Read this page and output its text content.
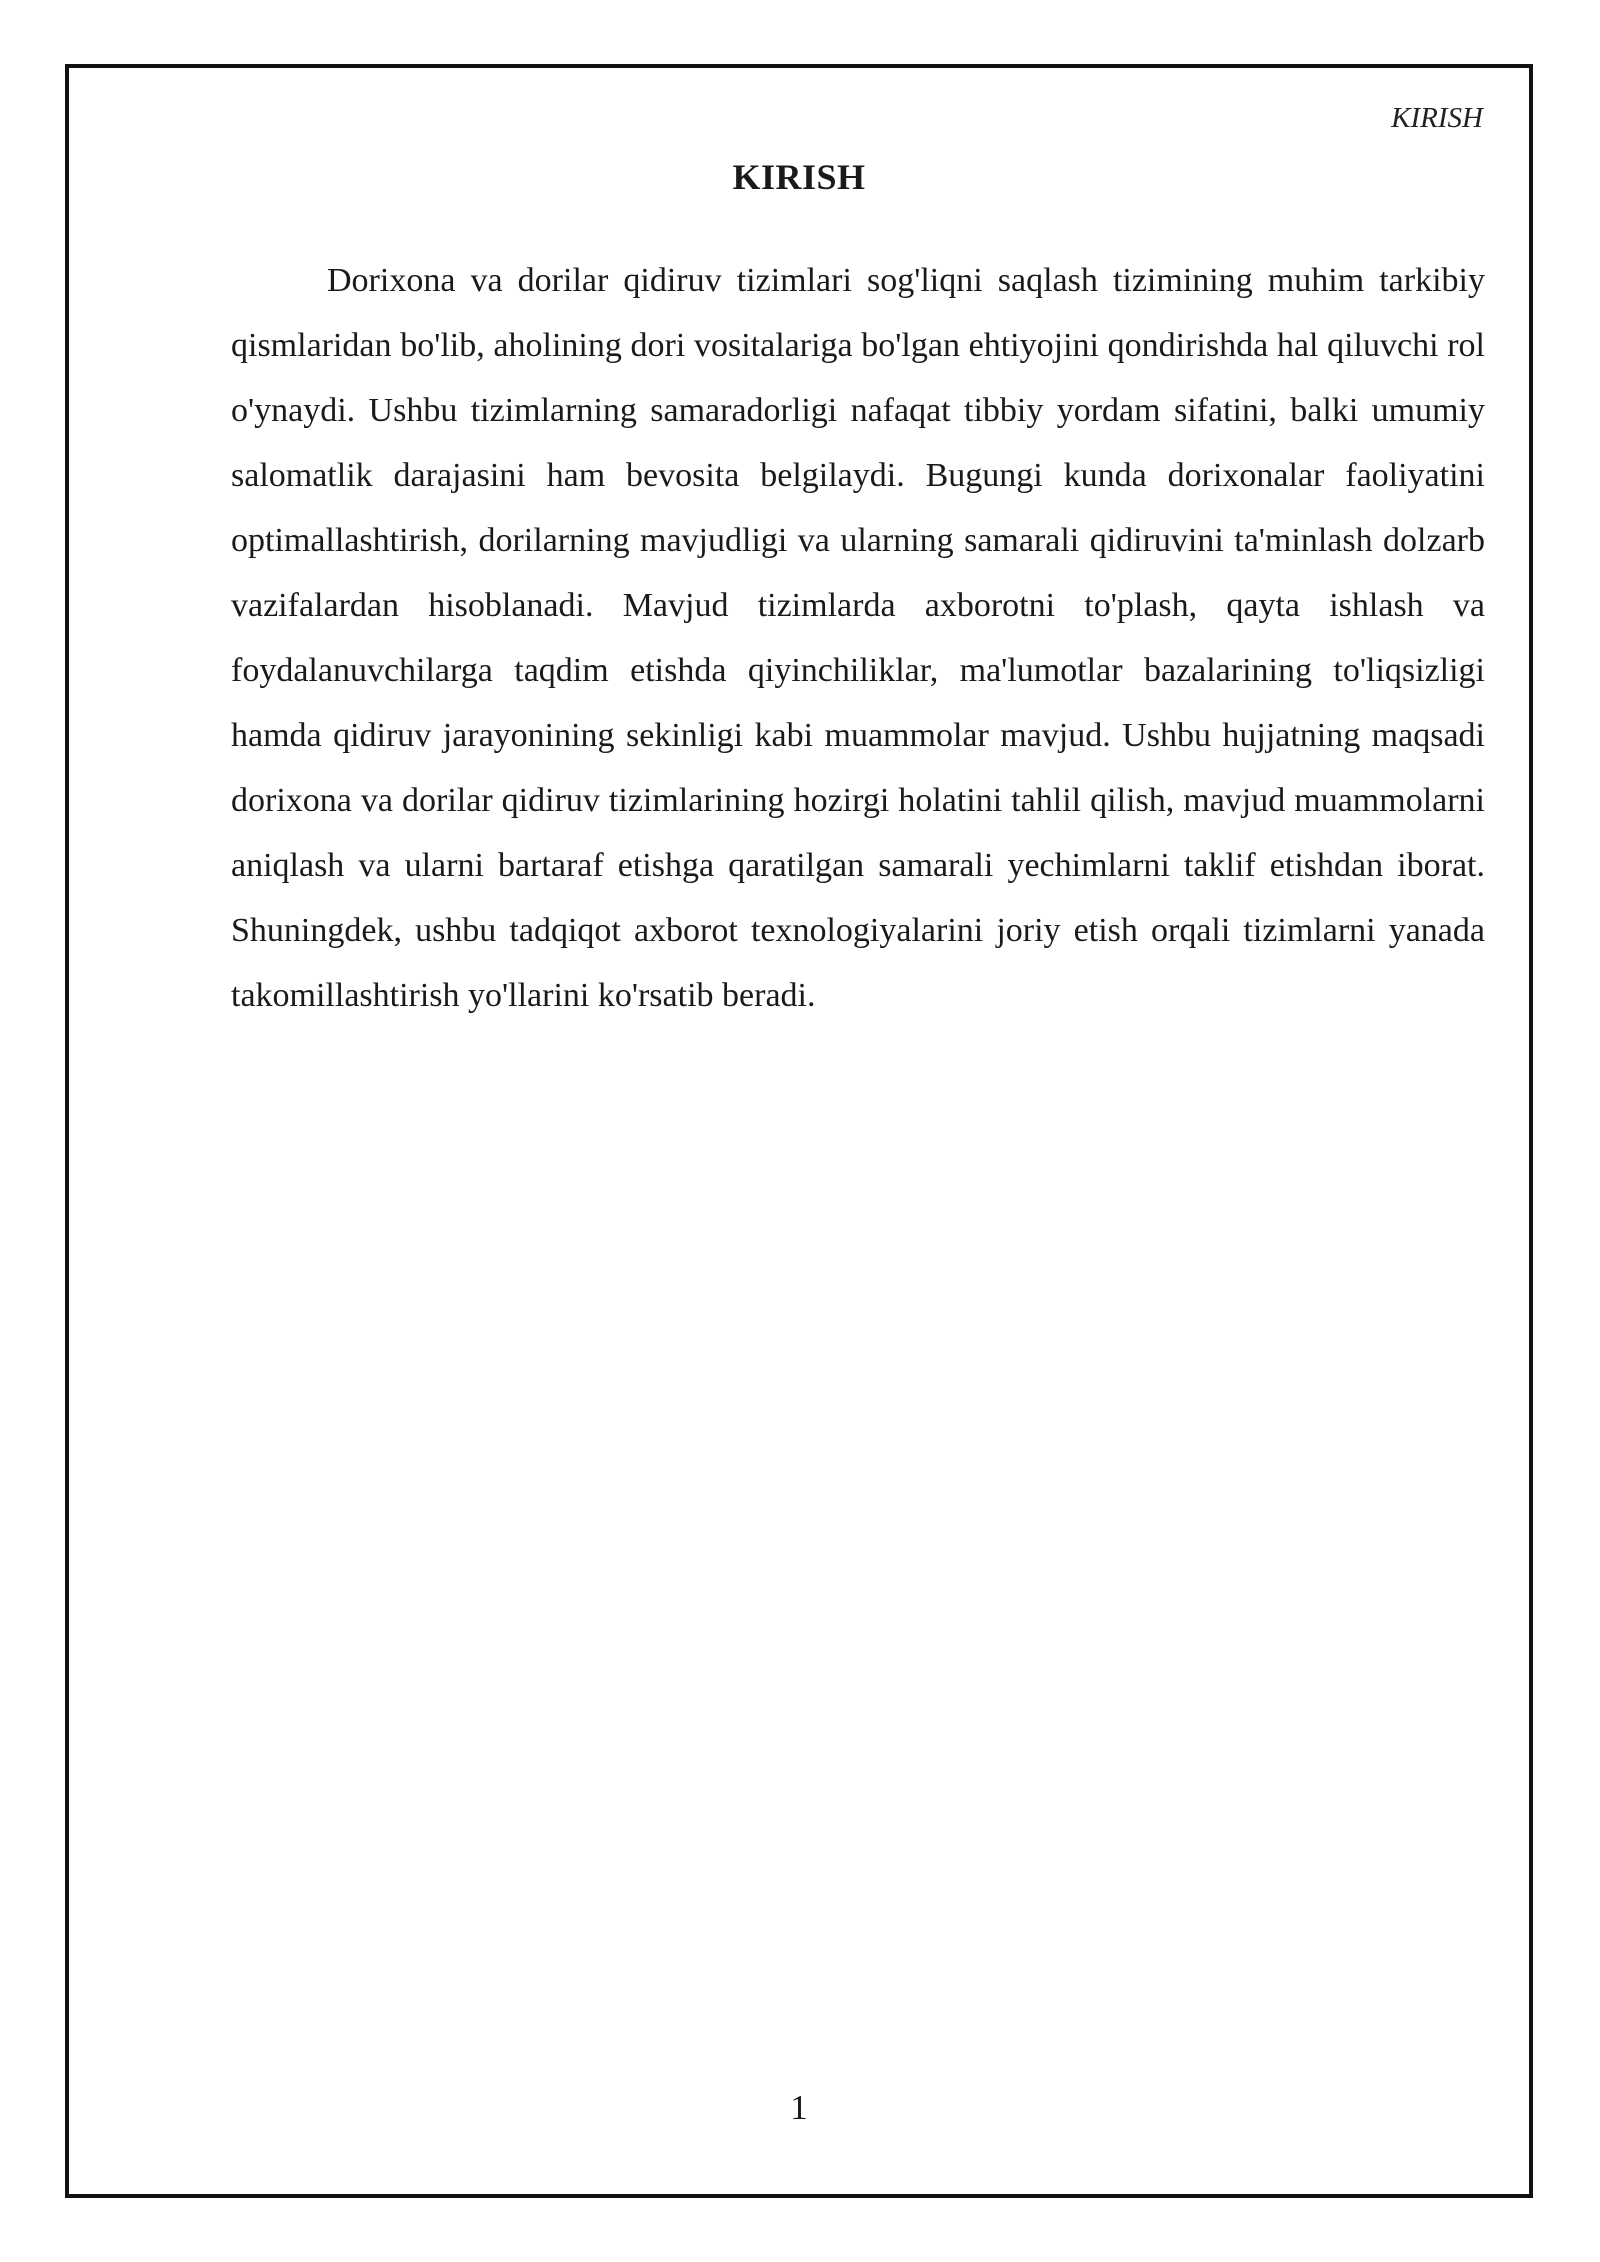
KIRISH
KIRISH

Dorixona va dorilar qidiruv tizimlari sog'liqni saqlash tizimining muhim tarkibiy qismlaridan bo'lib, aholining dori vositalariga bo'lgan ehtiyojini qondirishda hal qiluvchi rol o'ynaydi. Ushbu tizimlarning samaradorligi nafaqat tibbiy yordam sifatini, balki umumiy salomatlik darajasini ham bevosita belgilaydi. Bugungi kunda dorixonalar faoliyatini optimallashtirish, dorilarning mavjudligi va ularning samarali qidiruvini ta'minlash dolzarb vazifalardan hisoblanadi. Mavjud tizimlarda axborotni to'plash, qayta ishlash va foydalanuvchilarga taqdim etishda qiyinchiliklar, ma'lumotlar bazalarining to'liqsizligi hamda qidiruv jarayonining sekinligi kabi muammolar mavjud. Ushbu hujjatning maqsadi dorixona va dorilar qidiruv tizimlarining hozirgi holatini tahlil qilish, mavjud muammolarni aniqlash va ularni bartaraf etishga qaratilgan samarali yechimlarni taklif etishdan iborat. Shuningdek, ushbu tadqiqot axborot texnologiyalarini joriy etish orqali tizimlarni yanada takomillashtirish yo'llarini ko'rsatib beradi.

1
